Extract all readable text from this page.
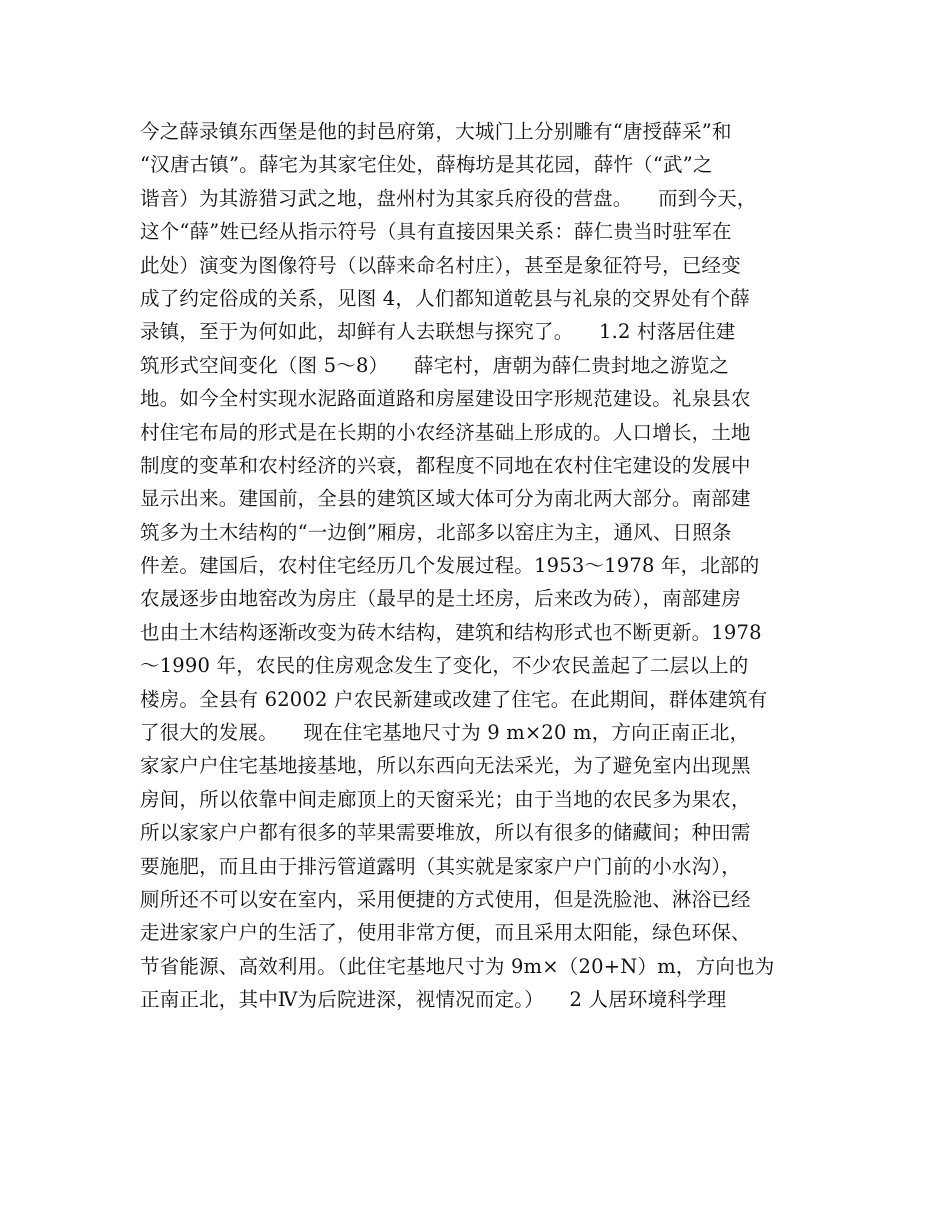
今之薛录镇东西堡是他的封邑府第，大城门上分别雕有“唐授薛采”和
“汉唐古镇”。薛宅为其家宅住处，薛梅坊是其花园，薛忤（“武”之
谐音）为其游猎习武之地，盘州村为其家兵府役的营盘。    而到今天，
这个“薛”姓已经从指示符号（具有直接因果关系：薛仁贵当时驻军在
此处）演变为图像符号（以薛来命名村庄），甚至是象征符号，已经变
成了约定俗成的关系，见图 4，人们都知道乾县与礼泉的交界处有个薛
录镇，至于为何如此，却鲜有人去联想与探究了。    1.2 村落居住建
筑形式空间变化（图 5～8）    薛宅村，唐朝为薛仁贵封地之游览之
地。如今全村实现水泥路面道路和房屋建设田字形规范建设。礼泉县农
村住宅布局的形式是在长期的小农经济基础上形成的。人口增长，土地
制度的变革和农村经济的兴衰，都程度不同地在农村住宅建设的发展中
显示出来。建国前，全县的建筑区域大体可分为南北两大部分。南部建
筑多为土木结构的“一边倒”厢房，北部多以窑庄为主，通风、日照条
件差。建国后，农村住宅经历几个发展过程。1953～1978 年，北部的
农晟逐步由地窑改为房庄（最早的是土坯房，后来改为砖），南部建房
也由土木结构逐渐改变为砖木结构，建筑和结构形式也不断更新。1978
～1990 年，农民的住房观念发生了变化，不少农民盖起了二层以上的
楼房。全县有 62002 户农民新建或改建了住宅。在此期间，群体建筑有
了很大的发展。    现在住宅基地尺寸为 9 m×20 m，方向正南正北，
家家户户住宅基地接基地，所以东西向无法采光，为了避免室内出现黑
房间，所以依靠中间走廊顶上的天窗采光；由于当地的农民多为果农，
所以家家户户都有很多的苹果需要堆放，所以有很多的储藏间；种田需
要施肥，而且由于排污管道露明（其实就是家家户户门前的小水沟），
厕所还不可以安在室内，采用便捷的方式使用，但是洗脸池、淋浴已经
走进家家户户的生活了，使用非常方便，而且采用太阳能，绿色环保、
节省能源、高效利用。（此住宅基地尺寸为 9m×（20+N）m，方向也为
正南正北，其中Ⅳ为后院进深，视情况而定。）    2 人居环境科学理
